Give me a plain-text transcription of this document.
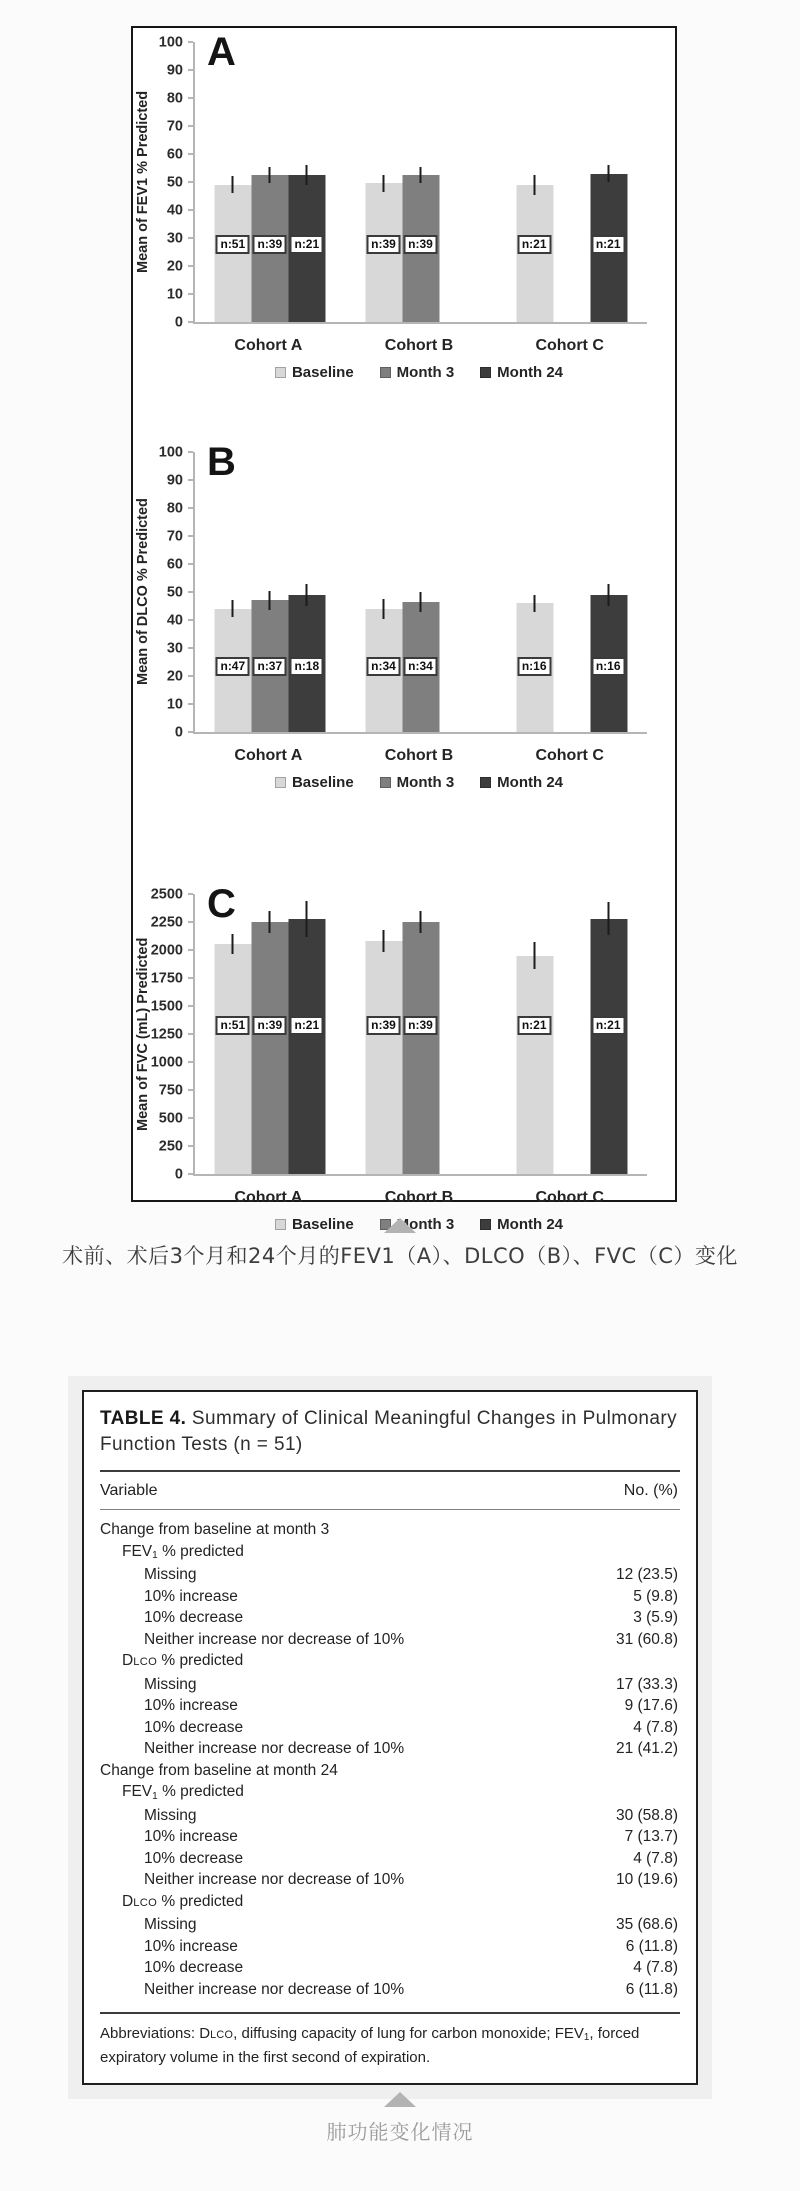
A
Mean of FEV1 % Predicted
0
10
20
30
40
50
60
70
80
90
100
n:51	n:39	n:21	n:39	n:39	n:21	n:21
Cohort A	Cohort B	Cohort C
Baseline	Month 3	Month 24
B
Mean of DLCO % Predicted
0
10
20
30
40
50
60
70
80
90
100
n:47	n:37	n:18	n:34	n:34	n:16	n:16
Cohort A	Cohort B	Cohort C
Baseline	Month 3	Month 24
C
Mean of FVC (mL) Predicted
0
250
500
750
1000
1250
1500
1750
2000
2250
2500
n:51	n:39	n:21	n:39	n:39	n:21	n:21
Cohort A	Cohort B	Cohort C
Baseline	Month 3	Month 24
术前、术后3个月和24个月的FEV1（A）、DLCO（B）、FVC（C）变化
TABLE 4. Summary of Clinical Meaningful Changes in Pulmonary Function Tests (n = 51)
Variable	No. (%)
Change from baseline at month 3
$FEV_1$ % predicted
Missing	12 (23.5)
10% increase	5 (9.8)
10% decrease	3 (5.9)
Neither increase nor decrease of 10%	31 (60.8)
DLCO % predicted
Missing	17 (33.3)
10% increase	9 (17.6)
10% decrease	4 (7.8)
Neither increase nor decrease of 10%	21 (41.2)
Change from baseline at month 24
$FEV_1$ % predicted
Missing	30 (58.8)
10% increase	7 (13.7)
10% decrease	4 (7.8)
Neither increase nor decrease of 10%	10 (19.6)
DLCO % predicted
Missing	35 (68.6)
10% increase	6 (11.8)
10% decrease	4 (7.8)
Neither increase nor decrease of 10%	6 (11.8)
Abbreviations: DLCO, diffusing capacity of lung for carbon monoxide; $FEV_1$, forced expiratory volume in the first second of expiration.
肺功能变化情况
